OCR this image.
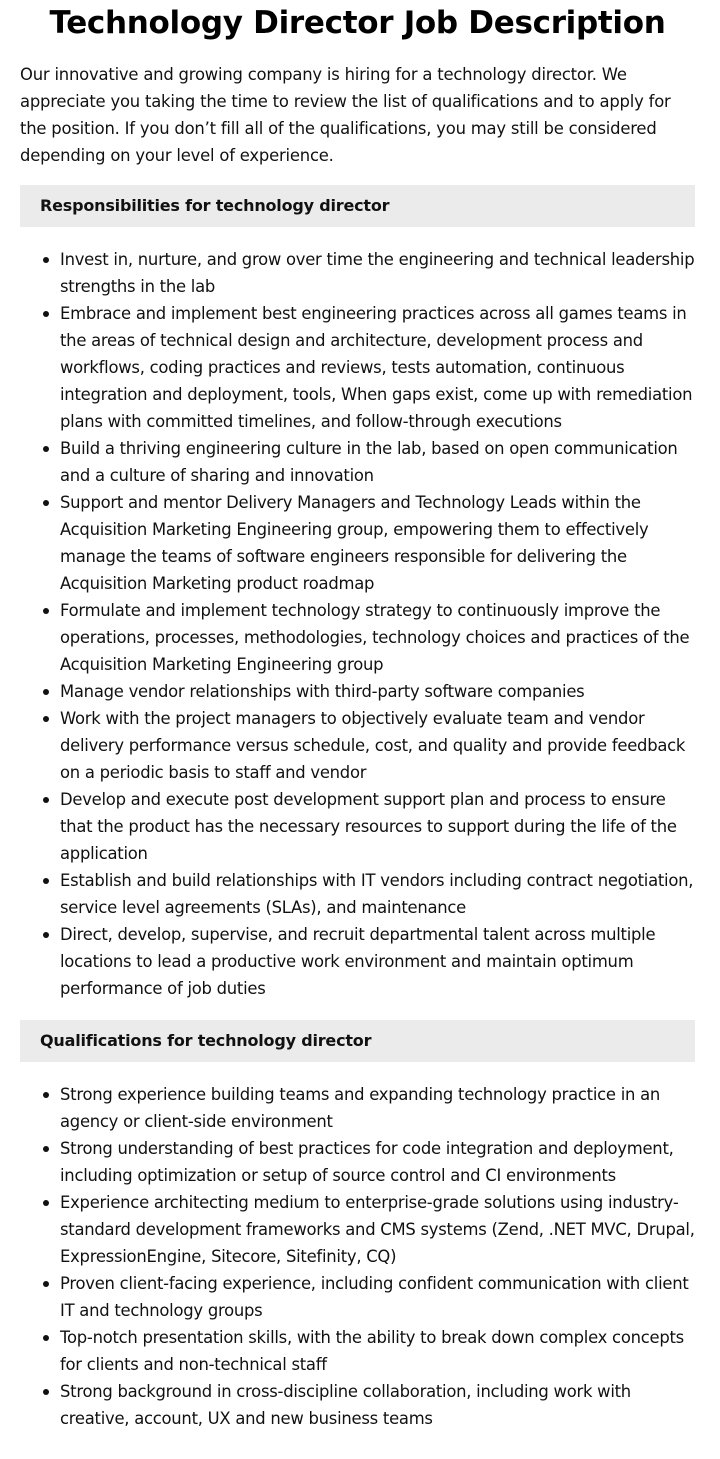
Technology Director Job Description

Our innovative and growing company is hiring for a technology director. We appreciate you taking the time to review the list of qualifications and to apply for the position. If you don’t fill all of the qualifications, you may still be considered depending on your level of experience.

Responsibilities for technology director
Invest in, nurture, and grow over time the engineering and technical leadership strengths in the lab
Embrace and implement best engineering practices across all games teams in the areas of technical design and architecture, development process and workflows, coding practices and reviews, tests automation, continuous integration and deployment, tools, When gaps exist, come up with remediation plans with committed timelines, and follow-through executions
Build a thriving engineering culture in the lab, based on open communication and a culture of sharing and innovation
Support and mentor Delivery Managers and Technology Leads within the Acquisition Marketing Engineering group, empowering them to effectively manage the teams of software engineers responsible for delivering the Acquisition Marketing product roadmap
Formulate and implement technology strategy to continuously improve the operations, processes, methodologies, technology choices and practices of the Acquisition Marketing Engineering group
Manage vendor relationships with third-party software companies
Work with the project managers to objectively evaluate team and vendor delivery performance versus schedule, cost, and quality and provide feedback on a periodic basis to staff and vendor
Develop and execute post development support plan and process to ensure that the product has the necessary resources to support during the life of the application
Establish and build relationships with IT vendors including contract negotiation, service level agreements (SLAs), and maintenance
Direct, develop, supervise, and recruit departmental talent across multiple locations to lead a productive work environment and maintain optimum performance of job duties
Qualifications for technology director
Strong experience building teams and expanding technology practice in an agency or client-side environment
Strong understanding of best practices for code integration and deployment, including optimization or setup of source control and CI environments
Experience architecting medium to enterprise-grade solutions using industry-standard development frameworks and CMS systems (Zend, .NET MVC, Drupal, ExpressionEngine, Sitecore, Sitefinity, CQ)
Proven client-facing experience, including confident communication with client IT and technology groups
Top-notch presentation skills, with the ability to break down complex concepts for clients and non-technical staff
Strong background in cross-discipline collaboration, including work with creative, account, UX and new business teams
